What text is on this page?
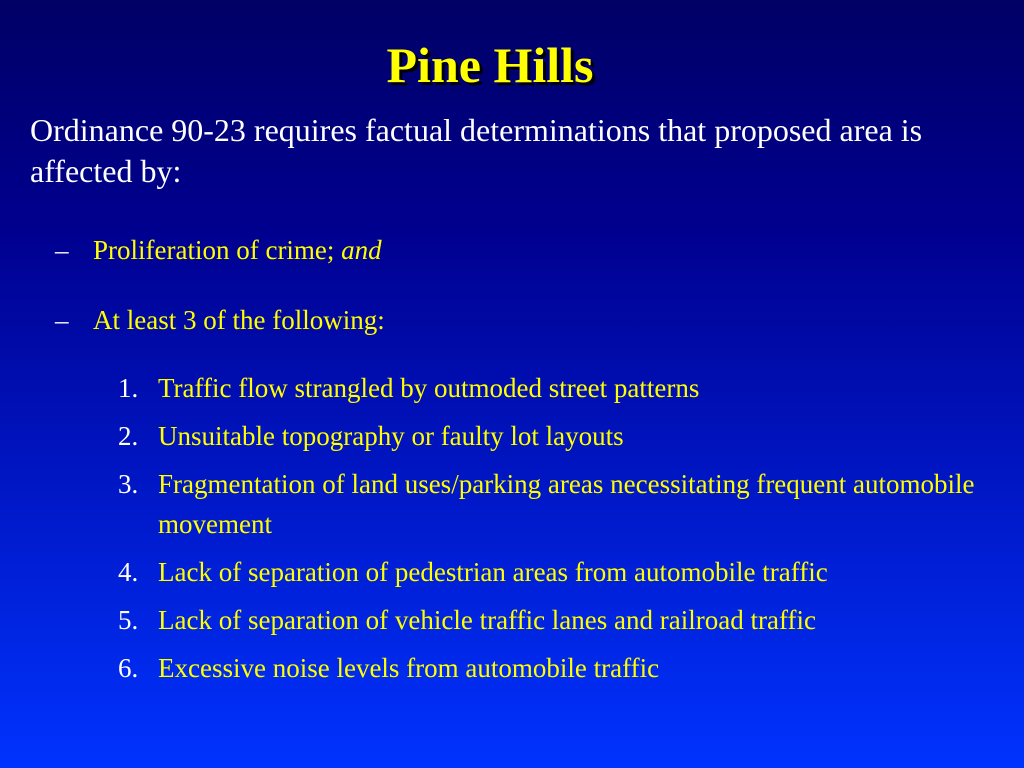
Pine Hills
Ordinance 90-23 requires factual determinations that proposed area is affected by:
– Proliferation of crime; and
– At least 3 of the following:
1. Traffic flow strangled by outmoded street patterns
2. Unsuitable topography or faulty lot layouts
3. Fragmentation of land uses/parking areas necessitating frequent automobile movement
4. Lack of separation of pedestrian areas from automobile traffic
5. Lack of separation of vehicle traffic lanes and railroad traffic
6. Excessive noise levels from automobile traffic
